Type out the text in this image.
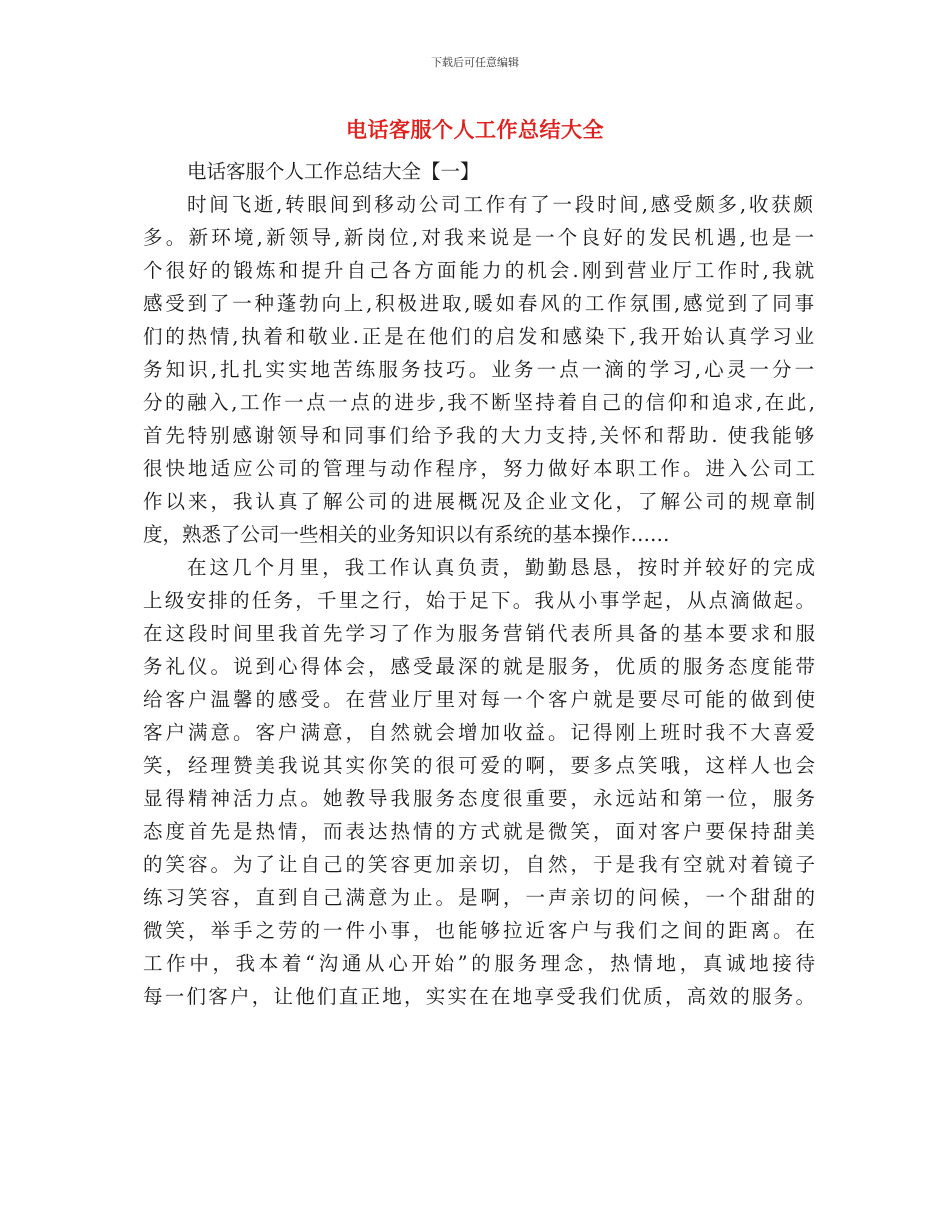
下载后可任意编辑
电话客服个人工作总结大全
电话客服个人工作总结大全【一】
时间飞逝,转眼间到移动公司工作有了一段时间,感受颇多,收获颇
多。新环境,新领导,新岗位,对我来说是一个良好的发民机遇,也是一
个很好的锻炼和提升自己各方面能力的机会.刚到营业厅工作时,我就
感受到了一种蓬勃向上,积极进取,暖如春风的工作氛围,感觉到了同事
们的热情,执着和敬业.正是在他们的启发和感染下,我开始认真学习业
务知识,扎扎实实地苦练服务技巧。业务一点一滴的学习,心灵一分一
分的融入,工作一点一点的进步,我不断坚持着自己的信仰和追求,在此,
首先特别感谢领导和同事们给予我的大力支持,关怀和帮助. 使我能够
很快地适应公司的管理与动作程序，努力做好本职工作。进入公司工
作以来，我认真了解公司的进展概况及企业文化，了解公司的规章制
度，熟悉了公司一些相关的业务知识以有系统的基本操作……
在这几个月里，我工作认真负责，勤勤恳恳，按时并较好的完成
上级安排的任务，千里之行，始于足下。我从小事学起，从点滴做起。
在这段时间里我首先学习了作为服务营销代表所具备的基本要求和服
务礼仪。说到心得体会，感受最深的就是服务，优质的服务态度能带
给客户温馨的感受。在营业厅里对每一个客户就是要尽可能的做到使
客户满意。客户满意，自然就会增加收益。记得刚上班时我不大喜爱
笑，经理赞美我说其实你笑的很可爱的啊，要多点笑哦，这样人也会
显得精神活力点。她教导我服务态度很重要，永远站和第一位，服务
态度首先是热情，而表达热情的方式就是微笑，面对客户要保持甜美
的笑容。为了让自己的笑容更加亲切，自然，于是我有空就对着镜子
练习笑容，直到自己满意为止。是啊，一声亲切的问候，一个甜甜的
微笑，举手之劳的一件小事，也能够拉近客户与我们之间的距离。在
工作中，我本着“沟通从心开始”的服务理念，热情地，真诚地接待
每一们客户，让他们直正地，实实在在地享受我们优质，高效的服务。
